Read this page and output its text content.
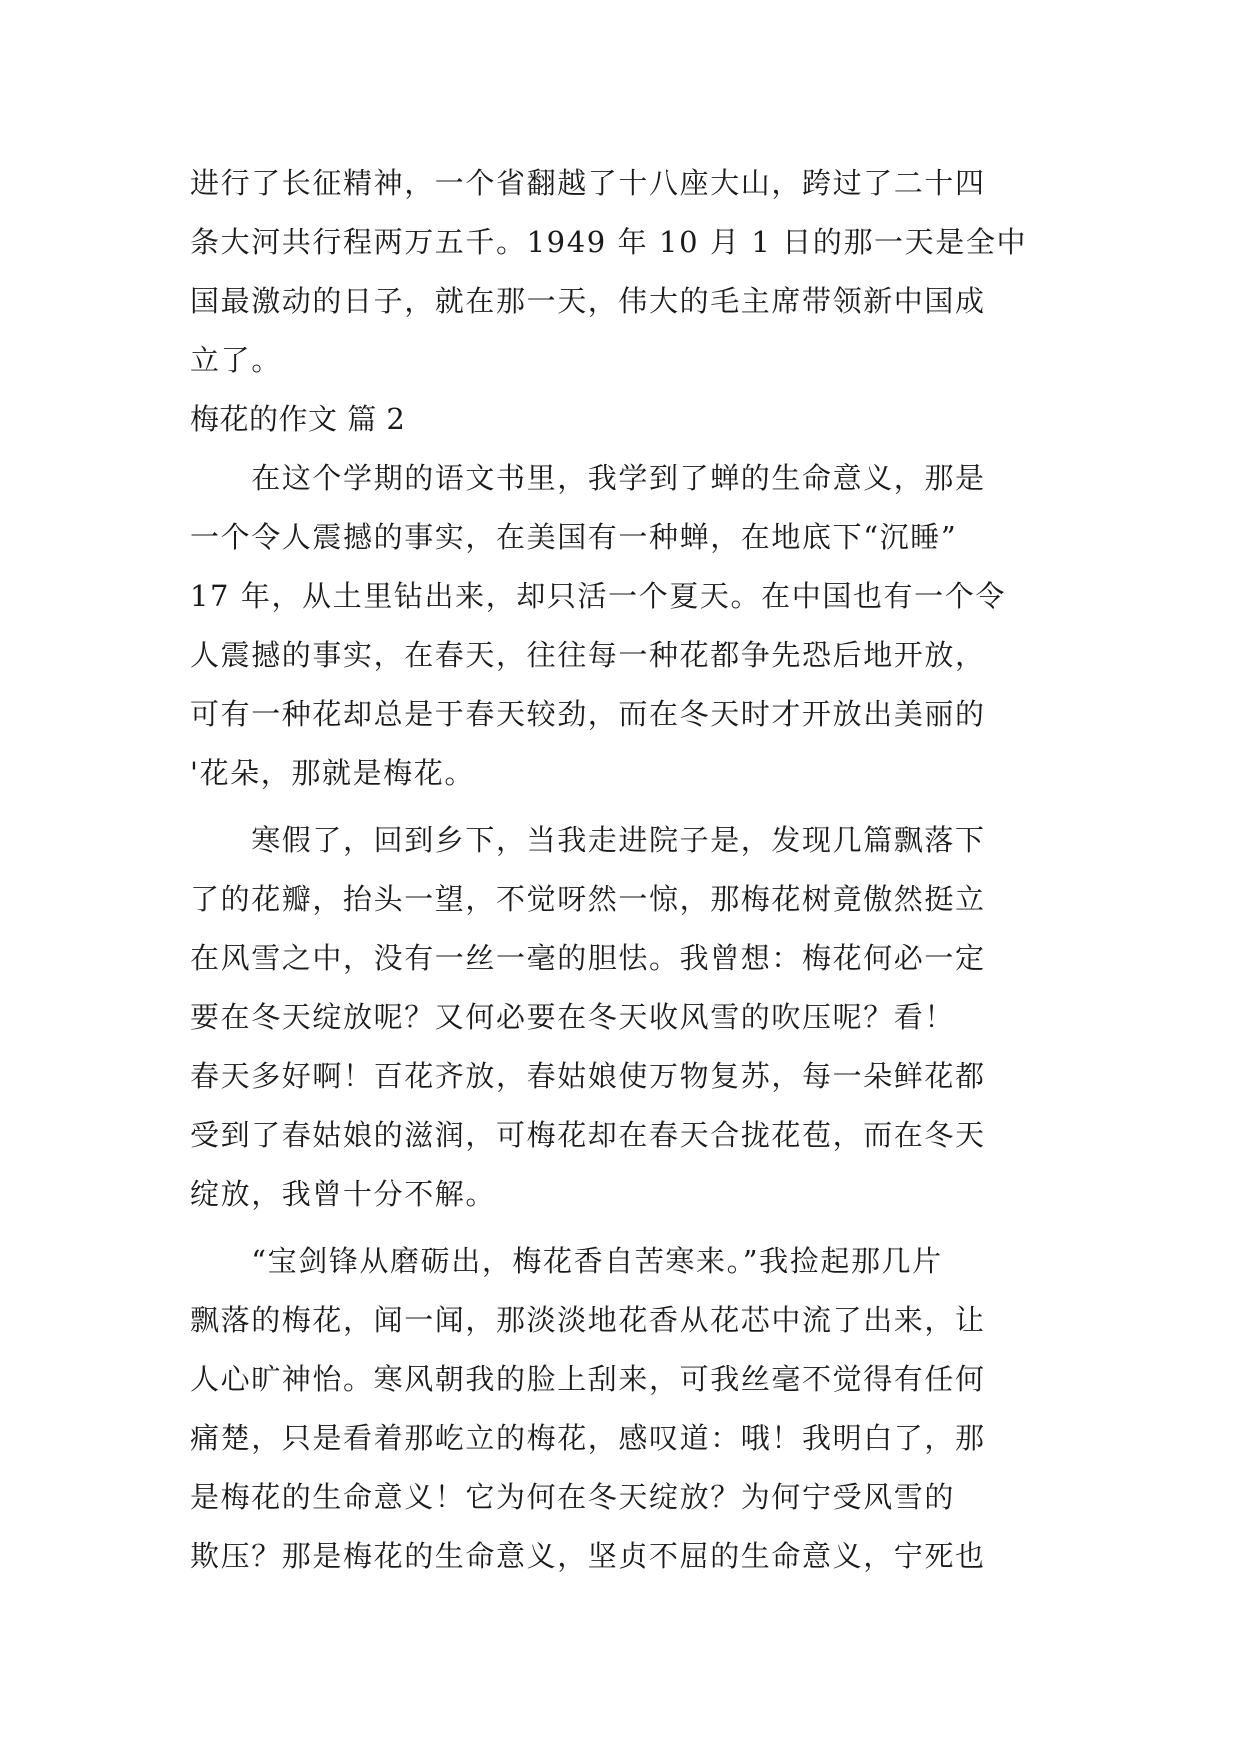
进行了长征精神，一个省翻越了十八座大山，跨过了二十四
条大河共行程两万五千。1949 年 10 月 1 日的那一天是全中
国最激动的日子，就在那一天，伟大的毛主席带领新中国成
立了。
梅花的作文 篇 2
　　在这个学期的语文书里，我学到了蝉的生命意义，那是
一个令人震撼的事实，在美国有一种蝉，在地底下“沉睡”
17 年，从土里钻出来，却只活一个夏天。在中国也有一个令
人震撼的事实，在春天，往往每一种花都争先恐后地开放，
可有一种花却总是于春天较劲，而在冬天时才开放出美丽的
'花朵，那就是梅花。
　　寒假了，回到乡下，当我走进院子是，发现几篇飘落下
了的花瓣，抬头一望，不觉呀然一惊，那梅花树竟傲然挺立
在风雪之中，没有一丝一毫的胆怯。我曾想：梅花何必一定
要在冬天绽放呢？又何必要在冬天收风雪的吹压呢？看！
春天多好啊！百花齐放，春姑娘使万物复苏，每一朵鲜花都
受到了春姑娘的滋润，可梅花却在春天合拢花苞，而在冬天
绽放，我曾十分不解。
　　“宝剑锋从磨砺出，梅花香自苦寒来。”我捡起那几片
飘落的梅花，闻一闻，那淡淡地花香从花芯中流了出来，让
人心旷神怡。寒风朝我的脸上刮来，可我丝毫不觉得有任何
痛楚，只是看着那屹立的梅花，感叹道：哦！我明白了，那
是梅花的生命意义！它为何在冬天绽放？为何宁受风雪的
欺压？那是梅花的生命意义，坚贞不屈的生命意义，宁死也
